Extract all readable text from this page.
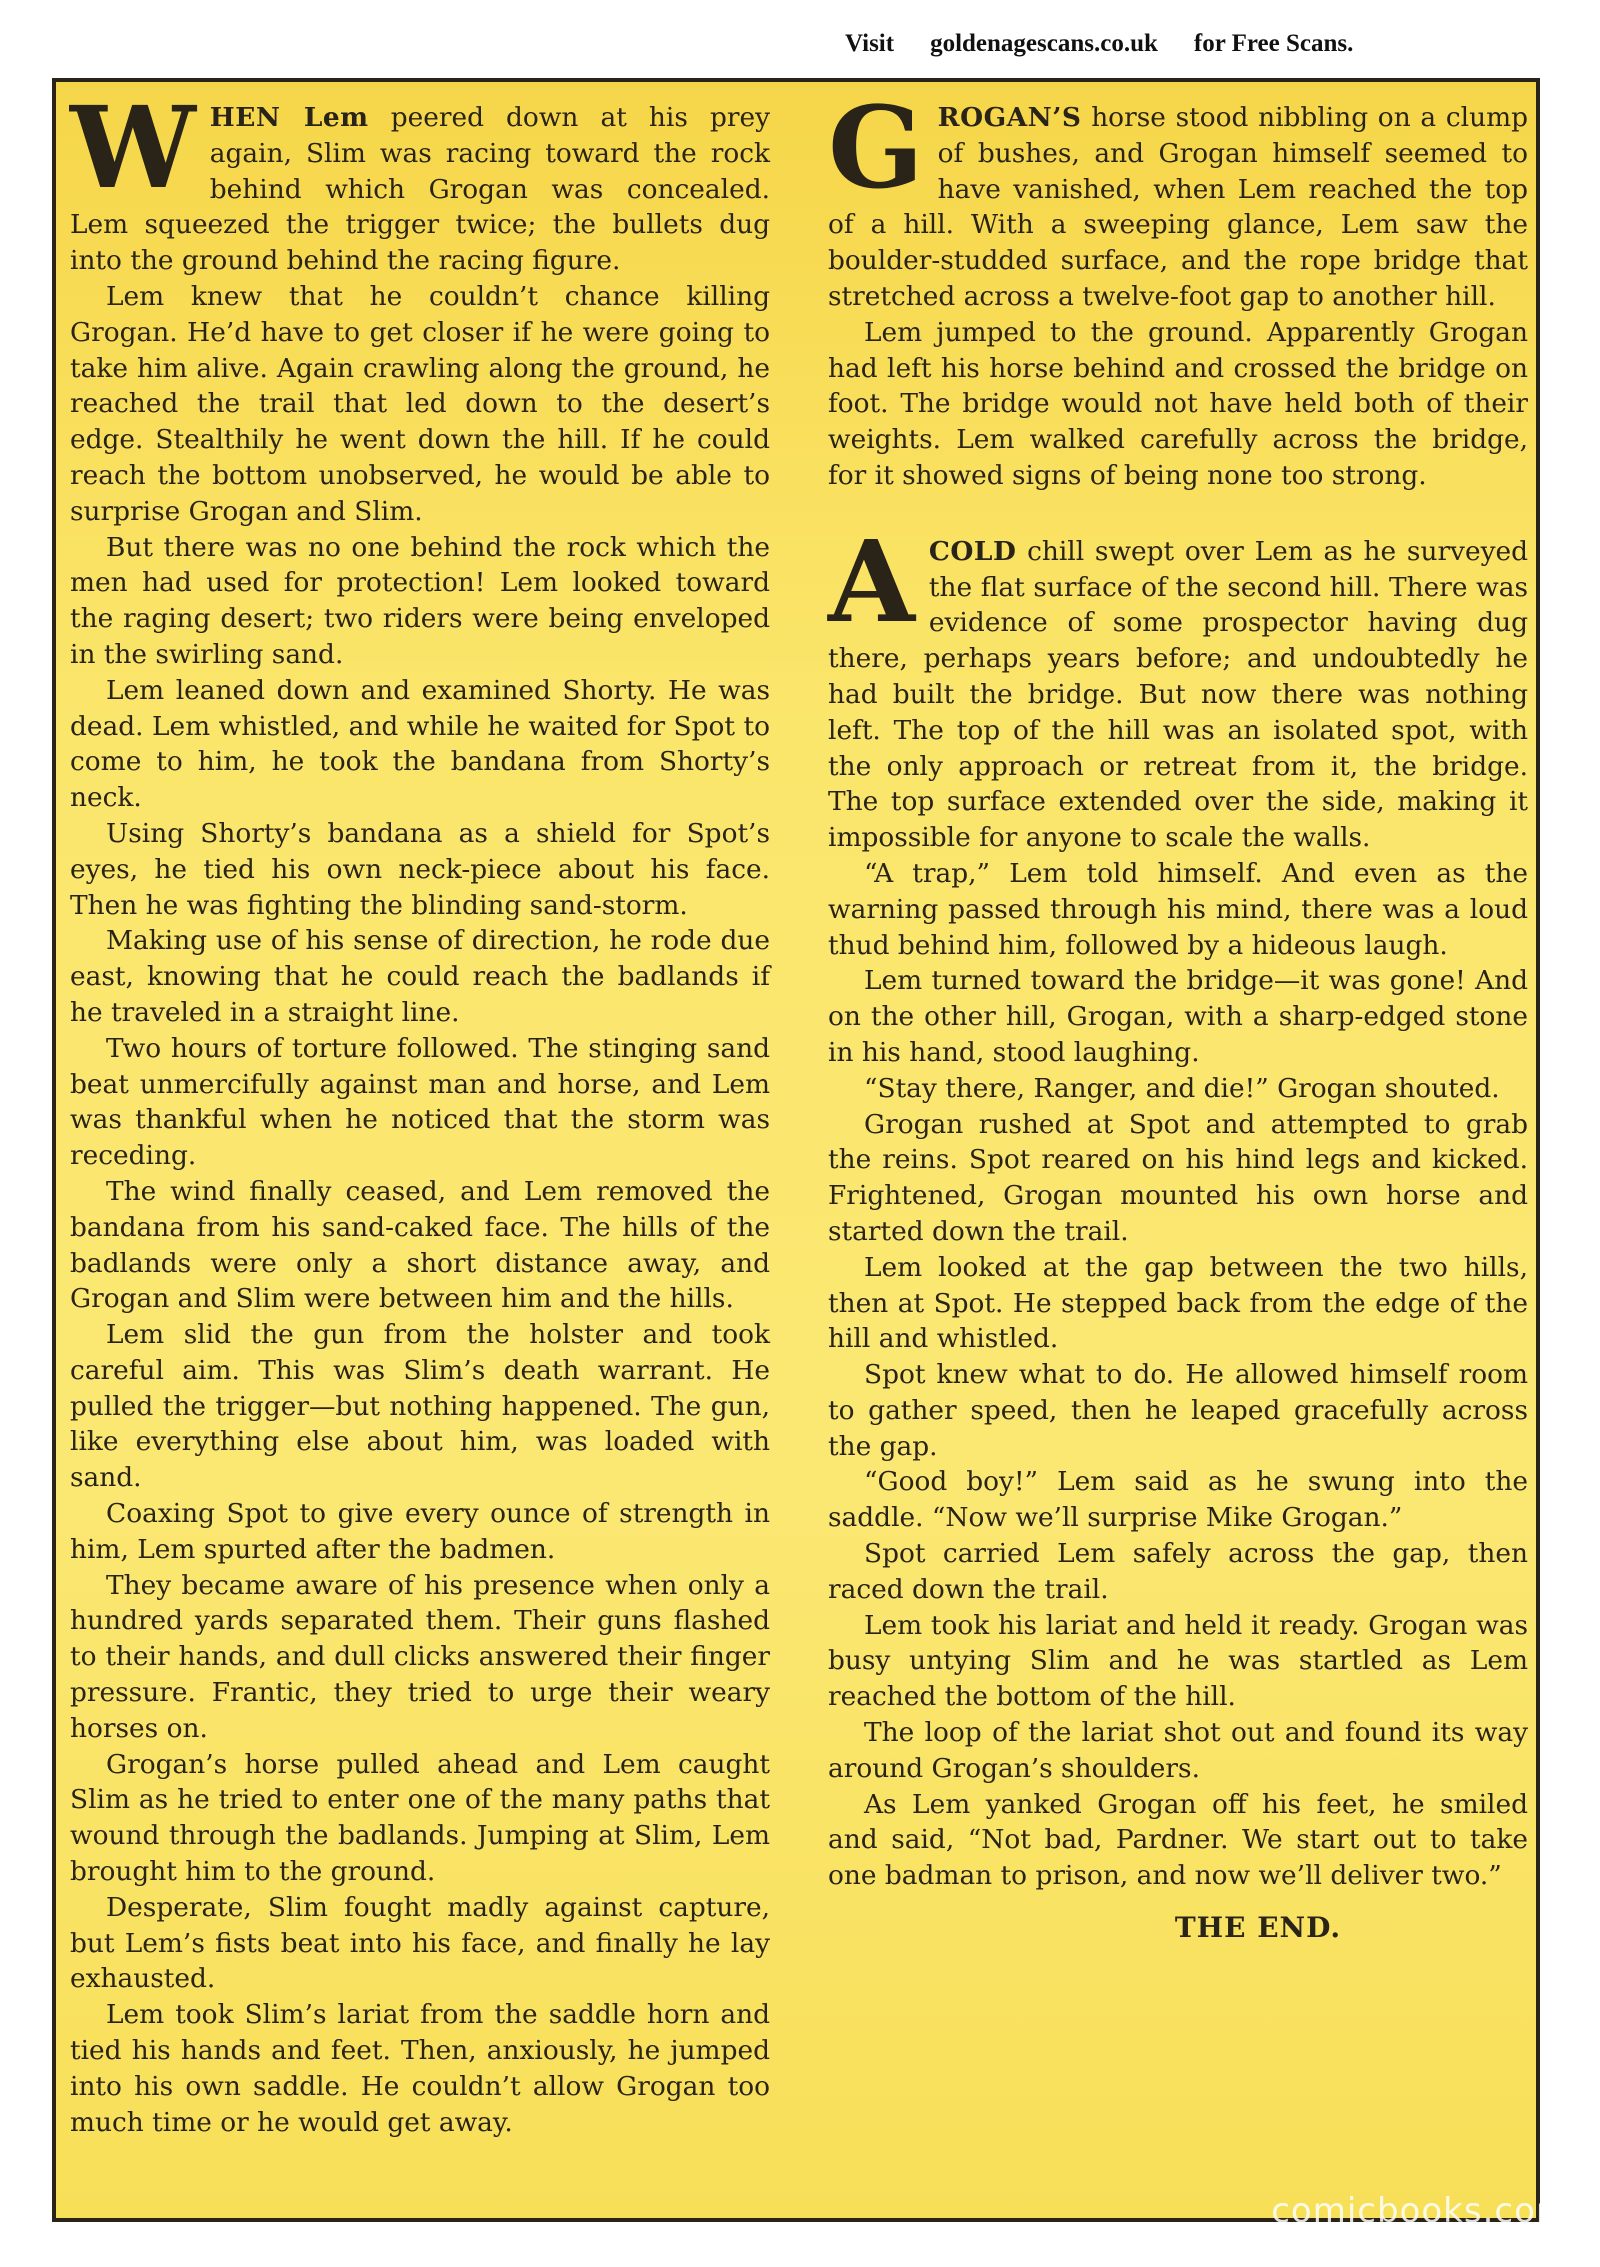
Visit goldenagescans.co.uk for Free Scans.

WHEN Lem peered down at his prey again, Slim was racing toward the rock behind which Grogan was concealed. Lem squeezed the trigger twice; the bullets dug into the ground behind the racing figure.

Lem knew that he couldn’t chance killing Grogan. He’d have to get closer if he were going to take him alive. Again crawling along the ground, he reached the trail that led down to the desert’s edge. Stealthily he went down the hill. If he could reach the bottom unobserved, he would be able to surprise Grogan and Slim.

But there was no one behind the rock which the men had used for protection! Lem looked toward the raging desert; two riders were being enveloped in the swirling sand.

Lem leaned down and examined Shorty. He was dead. Lem whistled, and while he waited for Spot to come to him, he took the bandana from Shorty’s neck.

Using Shorty’s bandana as a shield for Spot’s eyes, he tied his own neck-piece about his face. Then he was fighting the blinding sand-storm.

Making use of his sense of direction, he rode due east, knowing that he could reach the badlands if he traveled in a straight line.

Two hours of torture followed. The stinging sand beat unmercifully against man and horse, and Lem was thankful when he noticed that the storm was receding.

The wind finally ceased, and Lem removed the bandana from his sand-caked face. The hills of the badlands were only a short distance away, and Grogan and Slim were between him and the hills.

Lem slid the gun from the holster and took careful aim. This was Slim’s death warrant. He pulled the trigger—but nothing happened. The gun, like everything else about him, was loaded with sand.

Coaxing Spot to give every ounce of strength in him, Lem spurted after the badmen.

They became aware of his presence when only a hundred yards separated them. Their guns flashed to their hands, and dull clicks answered their finger pressure. Frantic, they tried to urge their weary horses on.

Grogan’s horse pulled ahead and Lem caught Slim as he tried to enter one of the many paths that wound through the badlands. Jumping at Slim, Lem brought him to the ground.

Desperate, Slim fought madly against capture, but Lem’s fists beat into his face, and finally he lay exhausted.

Lem took Slim’s lariat from the saddle horn and tied his hands and feet. Then, anxiously, he jumped into his own saddle. He couldn’t allow Grogan too much time or he would get away.

GROGAN’S horse stood nibbling on a clump of bushes, and Grogan himself seemed to have vanished, when Lem reached the top of a hill. With a sweeping glance, Lem saw the boulder-studded surface, and the rope bridge that stretched across a twelve-foot gap to another hill.

Lem jumped to the ground. Apparently Grogan had left his horse behind and crossed the bridge on foot. The bridge would not have held both of their weights. Lem walked carefully across the bridge, for it showed signs of being none too strong.

ACOLD chill swept over Lem as he surveyed the flat surface of the second hill. There was evidence of some prospector having dug there, perhaps years before; and undoubtedly he had built the bridge. But now there was nothing left. The top of the hill was an isolated spot, with the only approach or retreat from it, the bridge. The top surface extended over the side, making it impossible for anyone to scale the walls.

“A trap,” Lem told himself. And even as the warning passed through his mind, there was a loud thud behind him, followed by a hideous laugh.

Lem turned toward the bridge—it was gone! And on the other hill, Grogan, with a sharp-edged stone in his hand, stood laughing.

“Stay there, Ranger, and die!” Grogan shouted.

Grogan rushed at Spot and attempted to grab the reins. Spot reared on his hind legs and kicked. Frightened, Grogan mounted his own horse and started down the trail.

Lem looked at the gap between the two hills, then at Spot. He stepped back from the edge of the hill and whistled.

Spot knew what to do. He allowed himself room to gather speed, then he leaped gracefully across the gap.

“Good boy!” Lem said as he swung into the saddle. “Now we’ll surprise Mike Grogan.”

Spot carried Lem safely across the gap, then raced down the trail.

Lem took his lariat and held it ready. Grogan was busy untying Slim and he was startled as Lem reached the bottom of the hill.

The loop of the lariat shot out and found its way around Grogan’s shoulders.

As Lem yanked Grogan off his feet, he smiled and said, “Not bad, Pardner. We start out to take one badman to prison, and now we’ll deliver two.”

THE END.
comicbooks.com
